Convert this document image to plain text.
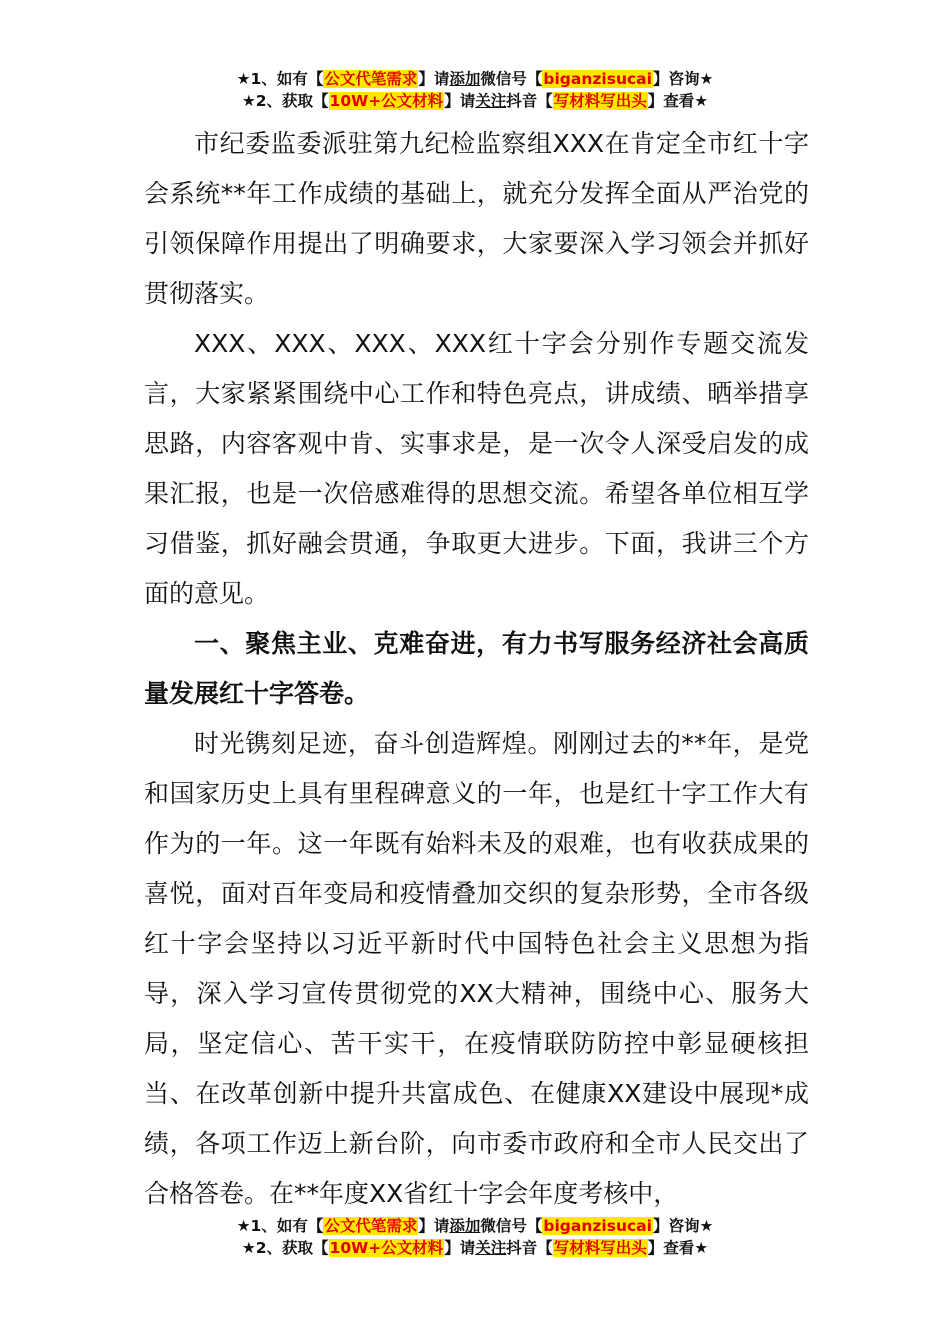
★1、如有【公文代笔需求】请添加微信号【biganzisucai】咨询★
★2、获取【10W+公文材料】请关注抖音【写材料写出头】查看★

市纪委监委派驻第九纪检监察组XXX在肯定全市红十字会系统**年工作成绩的基础上，就充分发挥全面从严治党的引领保障作用提出了明确要求，大家要深入学习领会并抓好贯彻落实。

XXX、XXX、XXX、XXX红十字会分别作专题交流发言，大家紧紧围绕中心工作和特色亮点，讲成绩、晒举措享思路，内容客观中肯、实事求是，是一次令人深受启发的成果汇报，也是一次倍感难得的思想交流。希望各单位相互学习借鉴，抓好融会贯通，争取更大进步。下面，我讲三个方面的意见。

一、聚焦主业、克难奋进，有力书写服务经济社会高质量发展红十字答卷。

时光镌刻足迹，奋斗创造辉煌。刚刚过去的**年，是党和国家历史上具有里程碑意义的一年，也是红十字工作大有作为的一年。这一年既有始料未及的艰难，也有收获成果的喜悦，面对百年变局和疫情叠加交织的复杂形势，全市各级红十字会坚持以习近平新时代中国特色社会主义思想为指导，深入学习宣传贯彻党的XX大精神，围绕中心、服务大局，坚定信心、苦干实干，在疫情联防防控中彰显硬核担当、在改革创新中提升共富成色、在健康XX建设中展现*成绩，各项工作迈上新台阶，向市委市政府和全市人民交出了合格答卷。在**年度XX省红十字会年度考核中，

★1、如有【公文代笔需求】请添加微信号【biganzisucai】咨询★
★2、获取【10W+公文材料】请关注抖音【写材料写出头】查看★
